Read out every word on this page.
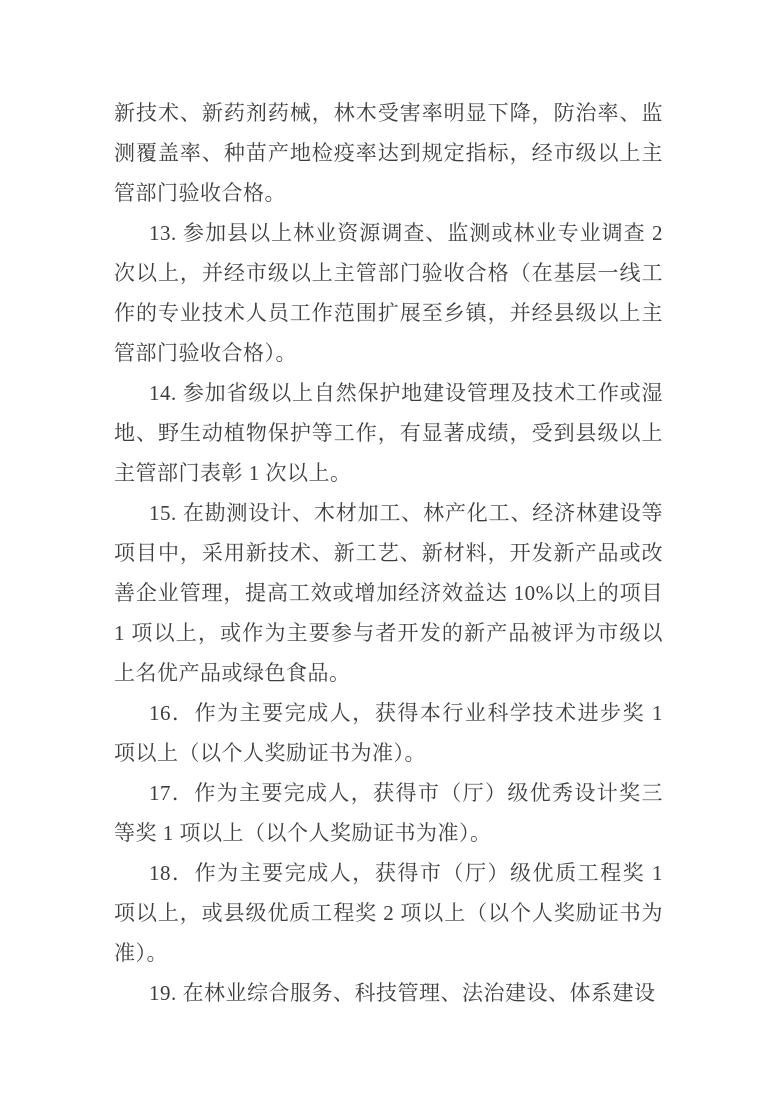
新技术、新药剂药械，林木受害率明显下降，防治率、监测覆盖率、种苗产地检疫率达到规定指标，经市级以上主管部门验收合格。

13. 参加县以上林业资源调查、监测或林业专业调查 2 次以上，并经市级以上主管部门验收合格（在基层一线工作的专业技术人员工作范围扩展至乡镇，并经县级以上主管部门验收合格）。

14. 参加省级以上自然保护地建设管理及技术工作或湿地、野生动植物保护等工作，有显著成绩，受到县级以上主管部门表彰 1 次以上。

15. 在勘测设计、木材加工、林产化工、经济林建设等项目中，采用新技术、新工艺、新材料，开发新产品或改善企业管理，提高工效或增加经济效益达 10%以上的项目 1 项以上，或作为主要参与者开发的新产品被评为市级以上名优产品或绿色食品。

16．作为主要完成人，获得本行业科学技术进步奖 1 项以上（以个人奖励证书为准）。

17．作为主要完成人，获得市（厅）级优秀设计奖三等奖 1 项以上（以个人奖励证书为准）。

18．作为主要完成人，获得市（厅）级优质工程奖 1 项以上，或县级优质工程奖 2 项以上（以个人奖励证书为准）。

19. 在林业综合服务、科技管理、法治建设、体系建设
